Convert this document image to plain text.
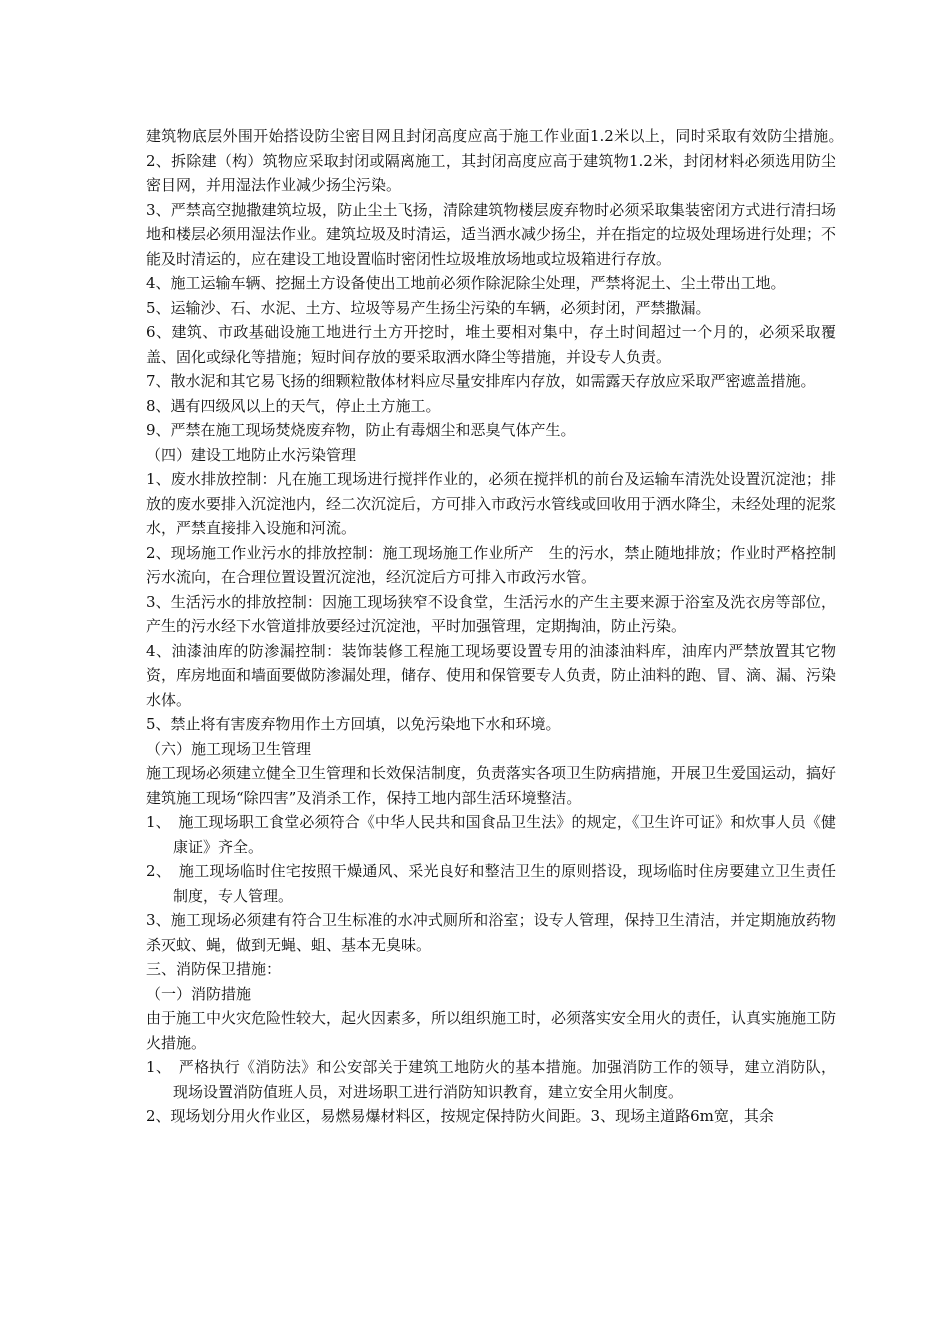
建筑物底层外围开始搭设防尘密目网且封闭高度应高于施工作业面1.2米以上，同时采取有效防尘措施。　2、拆除建（构）筑物应采取封闭或隔离施工，其封闭高度应高于建筑物1.2米，封闭材料必须选用防尘密目网，并用湿法作业减少扬尘污染。

3、严禁高空抛撒建筑垃圾，防止尘土飞扬，清除建筑物楼层废弃物时必须采取集装密闭方式进行清扫场地和楼层必须用湿法作业。建筑垃圾及时清运，适当洒水减少扬尘，并在指定的垃圾处理场进行处理；不能及时清运的，应在建设工地设置临时密闭性垃圾堆放场地或垃圾箱进行存放。

4、施工运输车辆、挖掘土方设备使出工地前必须作除泥除尘处理，严禁将泥土、尘土带出工地。

5、运输沙、石、水泥、土方、垃圾等易产生扬尘污染的车辆，必须封闭，严禁撒漏。

6、建筑、市政基础设施工地进行土方开挖时，堆土要相对集中，存土时间超过一个月的，必须采取覆盖、固化或绿化等措施；短时间存放的要采取洒水降尘等措施，并设专人负责。

7、散水泥和其它易飞扬的细颗粒散体材料应尽量安排库内存放，如需露天存放应采取严密遮盖措施。

8、遇有四级风以上的天气，停止土方施工。

9、严禁在施工现场焚烧废弃物，防止有毒烟尘和恶臭气体产生。

（四）建设工地防止水污染管理

1、废水排放控制：凡在施工现场进行搅拌作业的，必须在搅拌机的前台及运输车清洗处设置沉淀池；排放的废水要排入沉淀池内，经二次沉淀后，方可排入市政污水管线或回收用于洒水降尘，未经处理的泥浆水，严禁直接排入设施和河流。

2、现场施工作业污水的排放控制：施工现场施工作业所产　生的污水，禁止随地排放；作业时严格控制污水流向，在合理位置设置沉淀池，经沉淀后方可排入市政污水管。

3、生活污水的排放控制：因施工现场狭窄不设食堂，生活污水的产生主要来源于浴室及洗衣房等部位，产生的污水经下水管道排放要经过沉淀池，平时加强管理，定期掏油，防止污染。

4、油漆油库的防渗漏控制：装饰装修工程施工现场要设置专用的油漆油料库，油库内严禁放置其它物资，库房地面和墙面要做防渗漏处理，储存、使用和保管要专人负责，防止油料的跑、冒、滴、漏、污染水体。

5、禁止将有害废弃物用作土方回填，以免污染地下水和环境。

（六）施工现场卫生管理

施工现场必须建立健全卫生管理和长效保洁制度，负责落实各项卫生防病措施，开展卫生爱国运动，搞好建筑施工现场“除四害”及消杀工作，保持工地内部生活环境整洁。

1、　施工现场职工食堂必须符合《中华人民共和国食品卫生法》的规定，《卫生许可证》和炊事人员《健康证》齐全。

2、　施工现场临时住宅按照干燥通风、采光良好和整洁卫生的原则搭设，现场临时住房要建立卫生责任制度，专人管理。

3、施工现场必须建有符合卫生标准的水冲式厕所和浴室；设专人管理，保持卫生清洁，并定期施放药物杀灭蚊、蝇，做到无蝇、蛆、基本无臭味。

三、消防保卫措施：

（一）消防措施

由于施工中火灾危险性较大，起火因素多，所以组织施工时，必须落实安全用火的责任，认真实施施工防火措施。

1、　严格执行《消防法》和公安部关于建筑工地防火的基本措施。加强消防工作的领导，建立消防队，现场设置消防值班人员，对进场职工进行消防知识教育，建立安全用火制度。

2、现场划分用火作业区，易燃易爆材料区，按规定保持防火间距。3、现场主道路6m宽，其余
